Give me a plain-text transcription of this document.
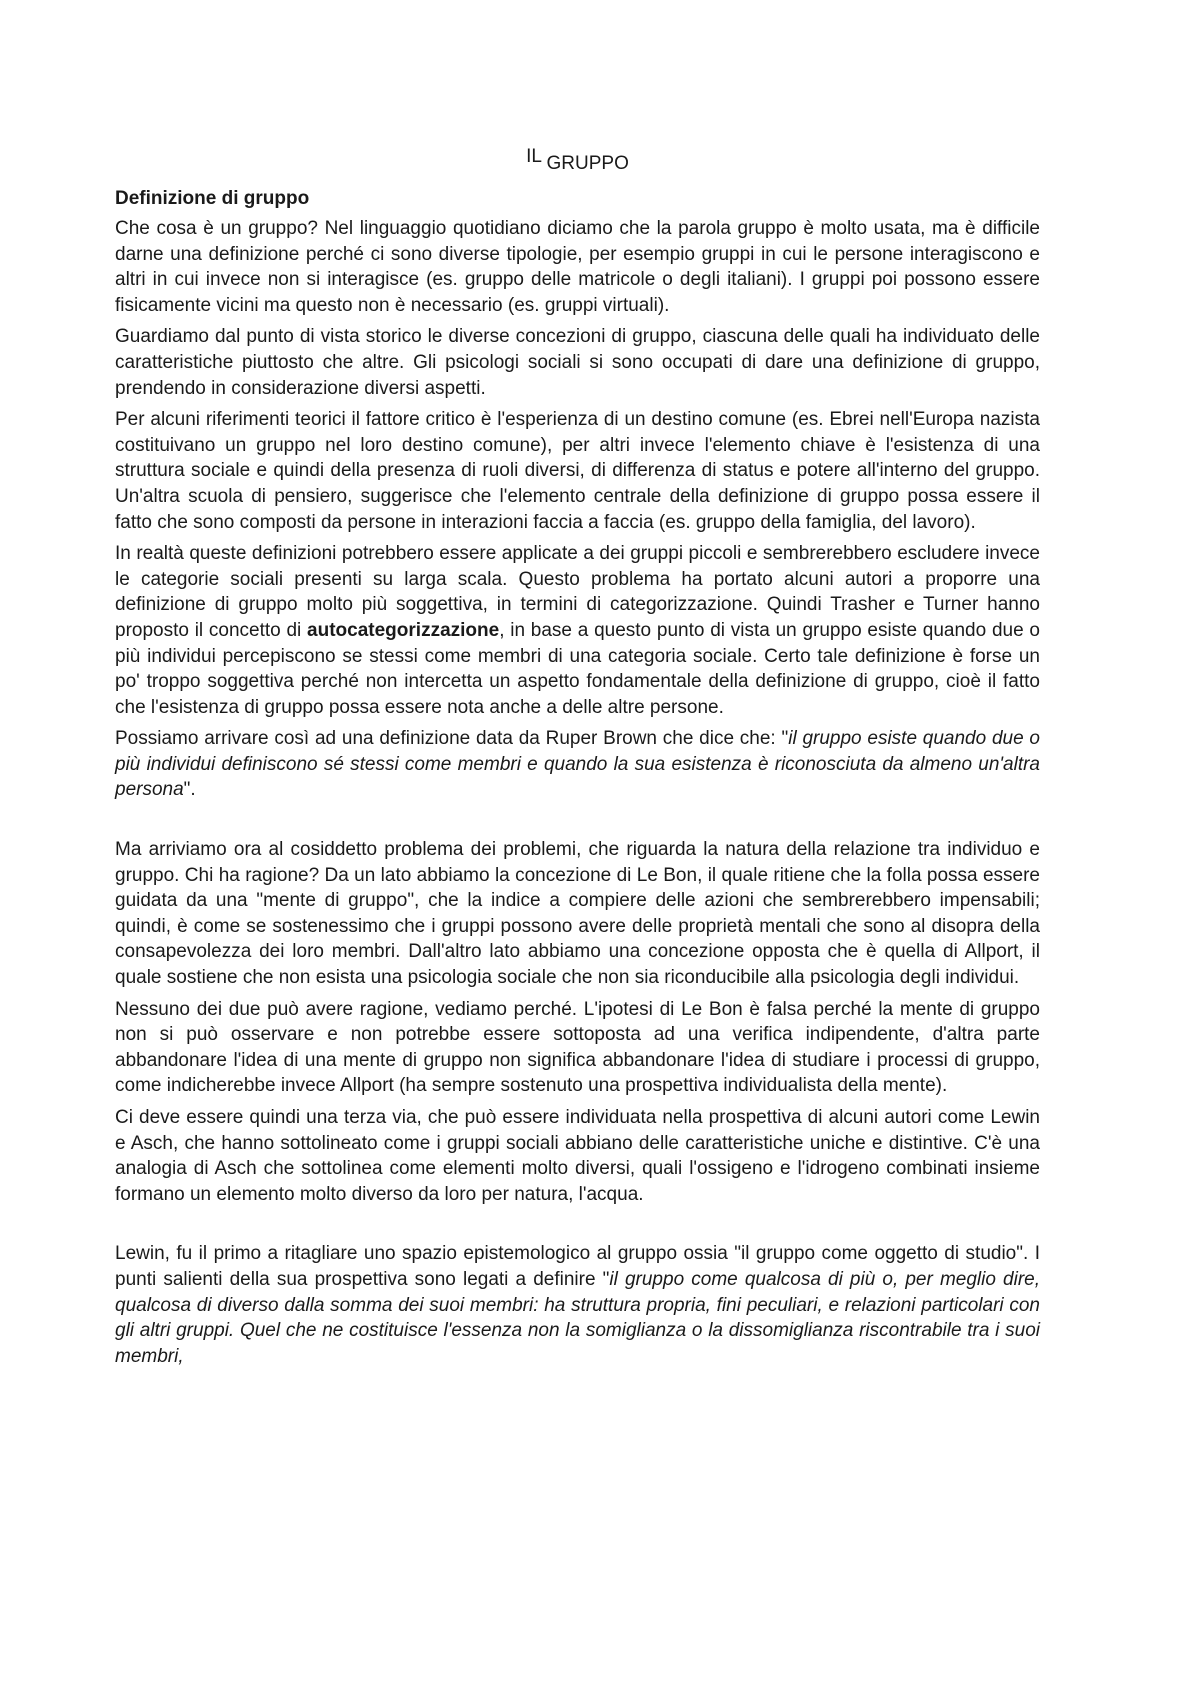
IL GRUPPO
Definizione di gruppo

Che cosa è un gruppo? Nel linguaggio quotidiano diciamo che la parola gruppo è molto usata, ma è difficile darne una definizione perché ci sono diverse tipologie, per esempio gruppi in cui le persone interagiscono e altri in cui invece non si interagisce (es. gruppo delle matricole o degli italiani). I gruppi poi possono essere fisicamente vicini ma questo non è necessario (es. gruppi virtuali).

Guardiamo dal punto di vista storico le diverse concezioni di gruppo, ciascuna delle quali ha individuato delle caratteristiche piuttosto che altre. Gli psicologi sociali si sono occupati di dare una definizione di gruppo, prendendo in considerazione diversi aspetti.

Per alcuni riferimenti teorici il fattore critico è l'esperienza di un destino comune (es. Ebrei nell'Europa nazista costituivano un gruppo nel loro destino comune), per altri invece l'elemento chiave è l'esistenza di una struttura sociale e quindi della presenza di ruoli diversi, di differenza di status e potere all'interno del gruppo. Un'altra scuola di pensiero, suggerisce che l'elemento centrale della definizione di gruppo possa essere il fatto che sono composti da persone in interazioni faccia a faccia (es. gruppo della famiglia, del lavoro).

In realtà queste definizioni potrebbero essere applicate a dei gruppi piccoli e sembrerebbero escludere invece le categorie sociali presenti su larga scala. Questo problema ha portato alcuni autori a proporre una definizione di gruppo molto più soggettiva, in termini di categorizzazione. Quindi Trasher e Turner hanno proposto il concetto di autocategorizzazione, in base a questo punto di vista un gruppo esiste quando due o più individui percepiscono se stessi come membri di una categoria sociale. Certo tale definizione è forse un po' troppo soggettiva perché non intercetta un aspetto fondamentale della definizione di gruppo, cioè il fatto che l'esistenza di gruppo possa essere nota anche a delle altre persone.

Possiamo arrivare così ad una definizione data da Ruper Brown che dice che: "il gruppo esiste quando due o più individui definiscono sé stessi come membri e quando la sua esistenza è riconosciuta da almeno un'altra persona".

Ma arriviamo ora al cosiddetto problema dei problemi, che riguarda la natura della relazione tra individuo e gruppo. Chi ha ragione? Da un lato abbiamo la concezione di Le Bon, il quale ritiene che la folla possa essere guidata da una "mente di gruppo", che la indice a compiere delle azioni che sembrerebbero impensabili; quindi, è come se sostenessimo che i gruppi possono avere delle proprietà mentali che sono al disopra della consapevolezza dei loro membri. Dall'altro lato abbiamo una concezione opposta che è quella di Allport, il quale sostiene che non esista una psicologia sociale che non sia riconducibile alla psicologia degli individui.

Nessuno dei due può avere ragione, vediamo perché. L'ipotesi di Le Bon è falsa perché la mente di gruppo non si può osservare e non potrebbe essere sottoposta ad una verifica indipendente, d'altra parte abbandonare l'idea di una mente di gruppo non significa abbandonare l'idea di studiare i processi di gruppo, come indicherebbe invece Allport (ha sempre sostenuto una prospettiva individualista della mente).

Ci deve essere quindi una terza via, che può essere individuata nella prospettiva di alcuni autori come Lewin e Asch, che hanno sottolineato come i gruppi sociali abbiano delle caratteristiche uniche e distintive. C'è una analogia di Asch che sottolinea come elementi molto diversi, quali l'ossigeno e l'idrogeno combinati insieme formano un elemento molto diverso da loro per natura, l'acqua.

Lewin, fu il primo a ritagliare uno spazio epistemologico al gruppo ossia "il gruppo come oggetto di studio". I punti salienti della sua prospettiva sono legati a definire "il gruppo come qualcosa di più o, per meglio dire, qualcosa di diverso dalla somma dei suoi membri: ha struttura propria, fini peculiari, e relazioni particolari con gli altri gruppi. Quel che ne costituisce l'essenza non la somiglianza o la dissomiglianza riscontrabile tra i suoi membri,
